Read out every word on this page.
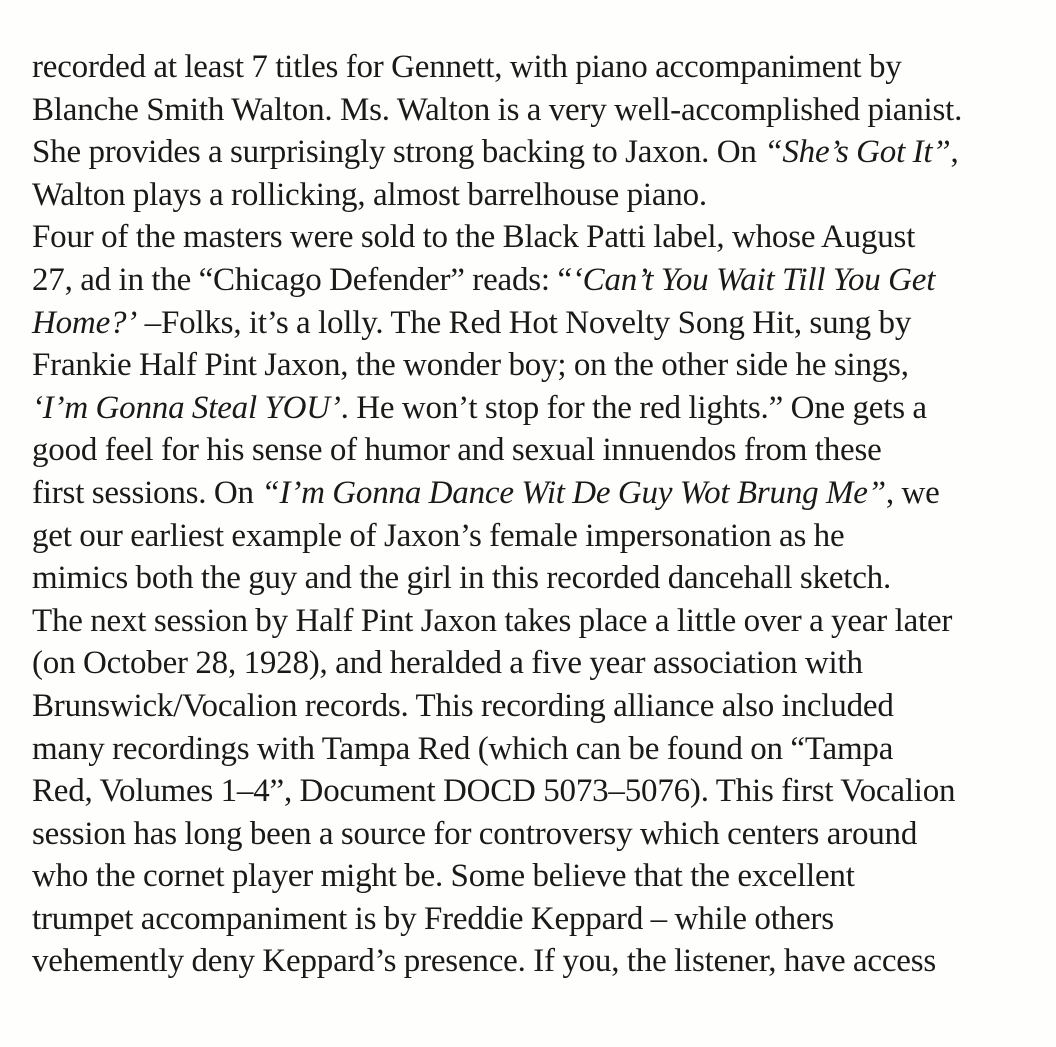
recorded at least 7 titles for Gennett, with piano accompaniment by
Blanche Smith Walton. Ms. Walton is a very well-accomplished pianist.
She provides a surprisingly strong backing to Jaxon. On “She’s Got It”,
Walton plays a rollicking, almost barrelhouse piano.
Four of the masters were sold to the Black Patti label, whose August
27, ad in the “Chicago Defender” reads: “‘Can’t You Wait Till You Get
Home?’ –Folks, it’s a lolly. The Red Hot Novelty Song Hit, sung by
Frankie Half Pint Jaxon, the wonder boy; on the other side he sings,
‘I’m Gonna Steal YOU’. He won’t stop for the red lights.” One gets a
good feel for his sense of humor and sexual innuendos from these
first sessions. On “I’m Gonna Dance Wit De Guy Wot Brung Me”, we
get our earliest example of Jaxon’s female impersonation as he
mimics both the guy and the girl in this recorded dancehall sketch.
The next session by Half Pint Jaxon takes place a little over a year later
(on October 28, 1928), and heralded a five year association with
Brunswick/Vocalion records. This recording alliance also included
many recordings with Tampa Red (which can be found on “Tampa
Red, Volumes 1–4”, Document DOCD 5073–5076). This first Vocalion
session has long been a source for controversy which centers around
who the cornet player might be. Some believe that the excellent
trumpet accompaniment is by Freddie Keppard – while others
vehemently deny Keppard’s presence. If you, the listener, have access
